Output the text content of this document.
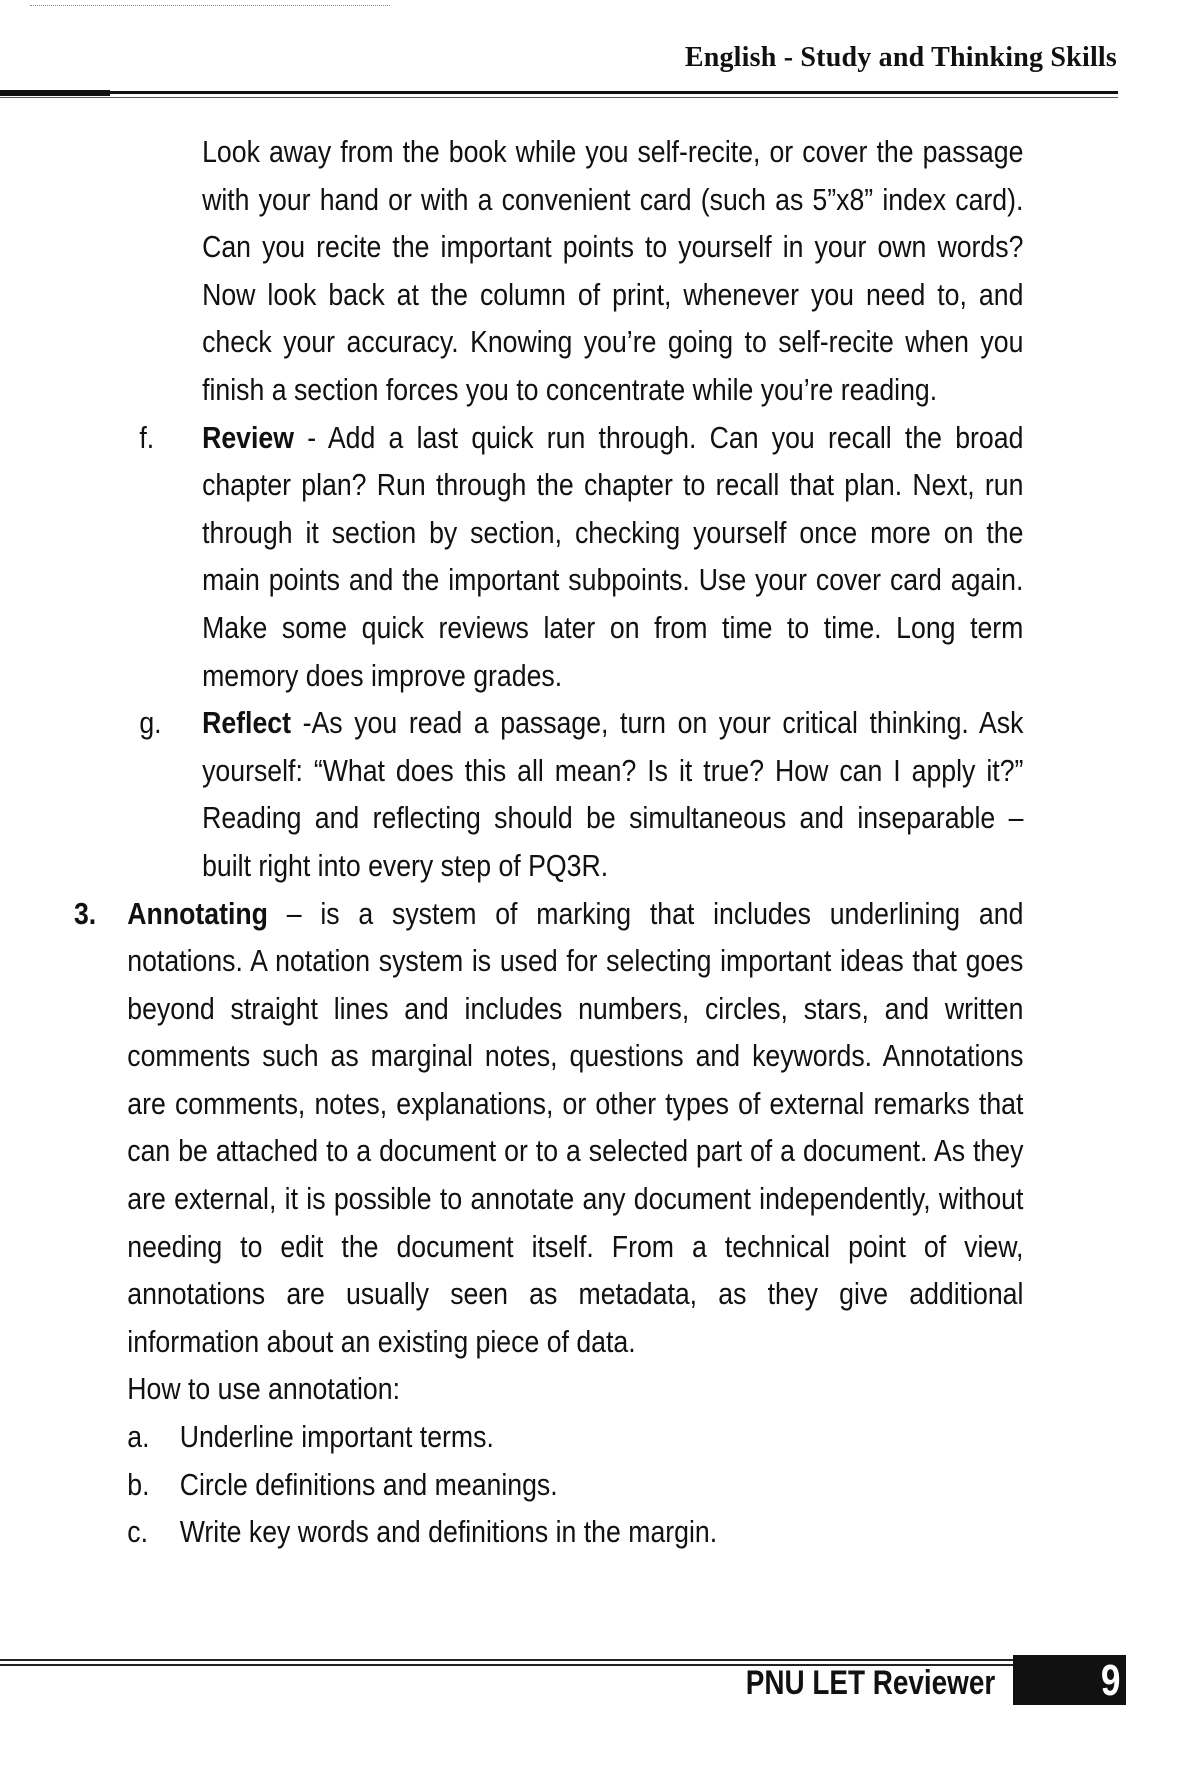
English - Study and Thinking Skills
Look away from the book while you self-recite, or cover the passage with your hand or with a convenient card (such as 5”x8” index card). Can you recite the important points to yourself in your own words? Now look back at the column of print, whenever you need to, and check your accuracy. Knowing you’re going to self-recite when you finish a section forces you to concentrate while you’re reading.
f. Review - Add a last quick run through. Can you recall the broad chapter plan? Run through the chapter to recall that plan. Next, run through it section by section, checking yourself once more on the main points and the important subpoints. Use your cover card again. Make some quick reviews later on from time to time. Long term memory does improve grades.
g. Reflect -As you read a passage, turn on your critical thinking. Ask yourself: “What does this all mean? Is it true? How can I apply it?” Reading and reflecting should be simultaneous and inseparable – built right into every step of PQ3R.
3. Annotating – is a system of marking that includes underlining and notations. A notation system is used for selecting important ideas that goes beyond straight lines and includes numbers, circles, stars, and written comments such as marginal notes, questions and keywords. Annotations are comments, notes, explanations, or other types of external remarks that can be attached to a document or to a selected part of a document. As they are external, it is possible to annotate any document independently, without needing to edit the document itself. From a technical point of view, annotations are usually seen as metadata, as they give additional information about an existing piece of data.
How to use annotation:
a. Underline important terms.
b. Circle definitions and meanings.
c. Write key words and definitions in the margin.
PNU LET Reviewer 9
